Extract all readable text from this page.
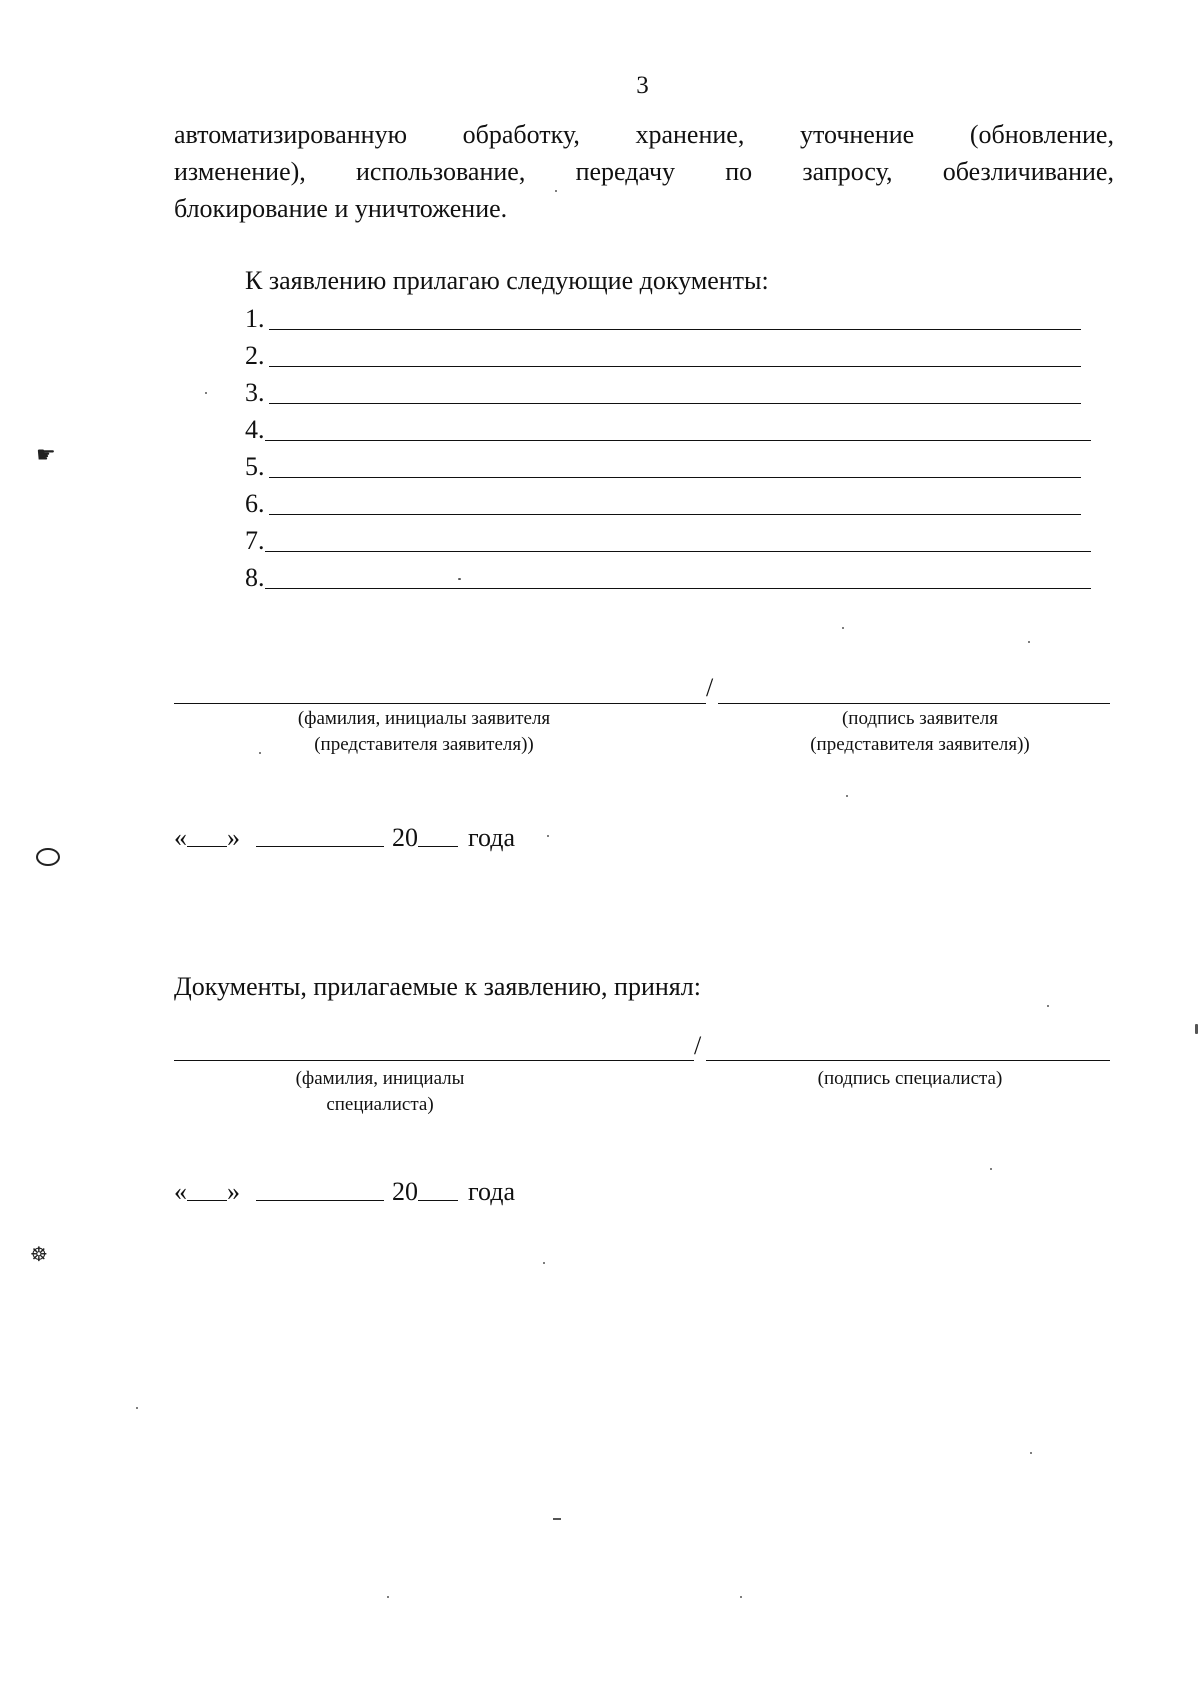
3
автоматизированную обработку, хранение, уточнение (обновление,
изменение), использование, передачу по запросу, обезличивание,
блокирование и уничтожение.
К заявлению прилагаю следующие документы:
1.
2.
3.
4.
5.
6.
7.
8.
/
(фамилия, инициалы заявителя
(представителя заявителя))
(подпись заявителя
(представителя заявителя))
« »	20 года
Документы, прилагаемые к заявлению, принял:
/
(фамилия, инициалы
специалиста)
(подпись специалиста)
« »	20 года
☛
☸
